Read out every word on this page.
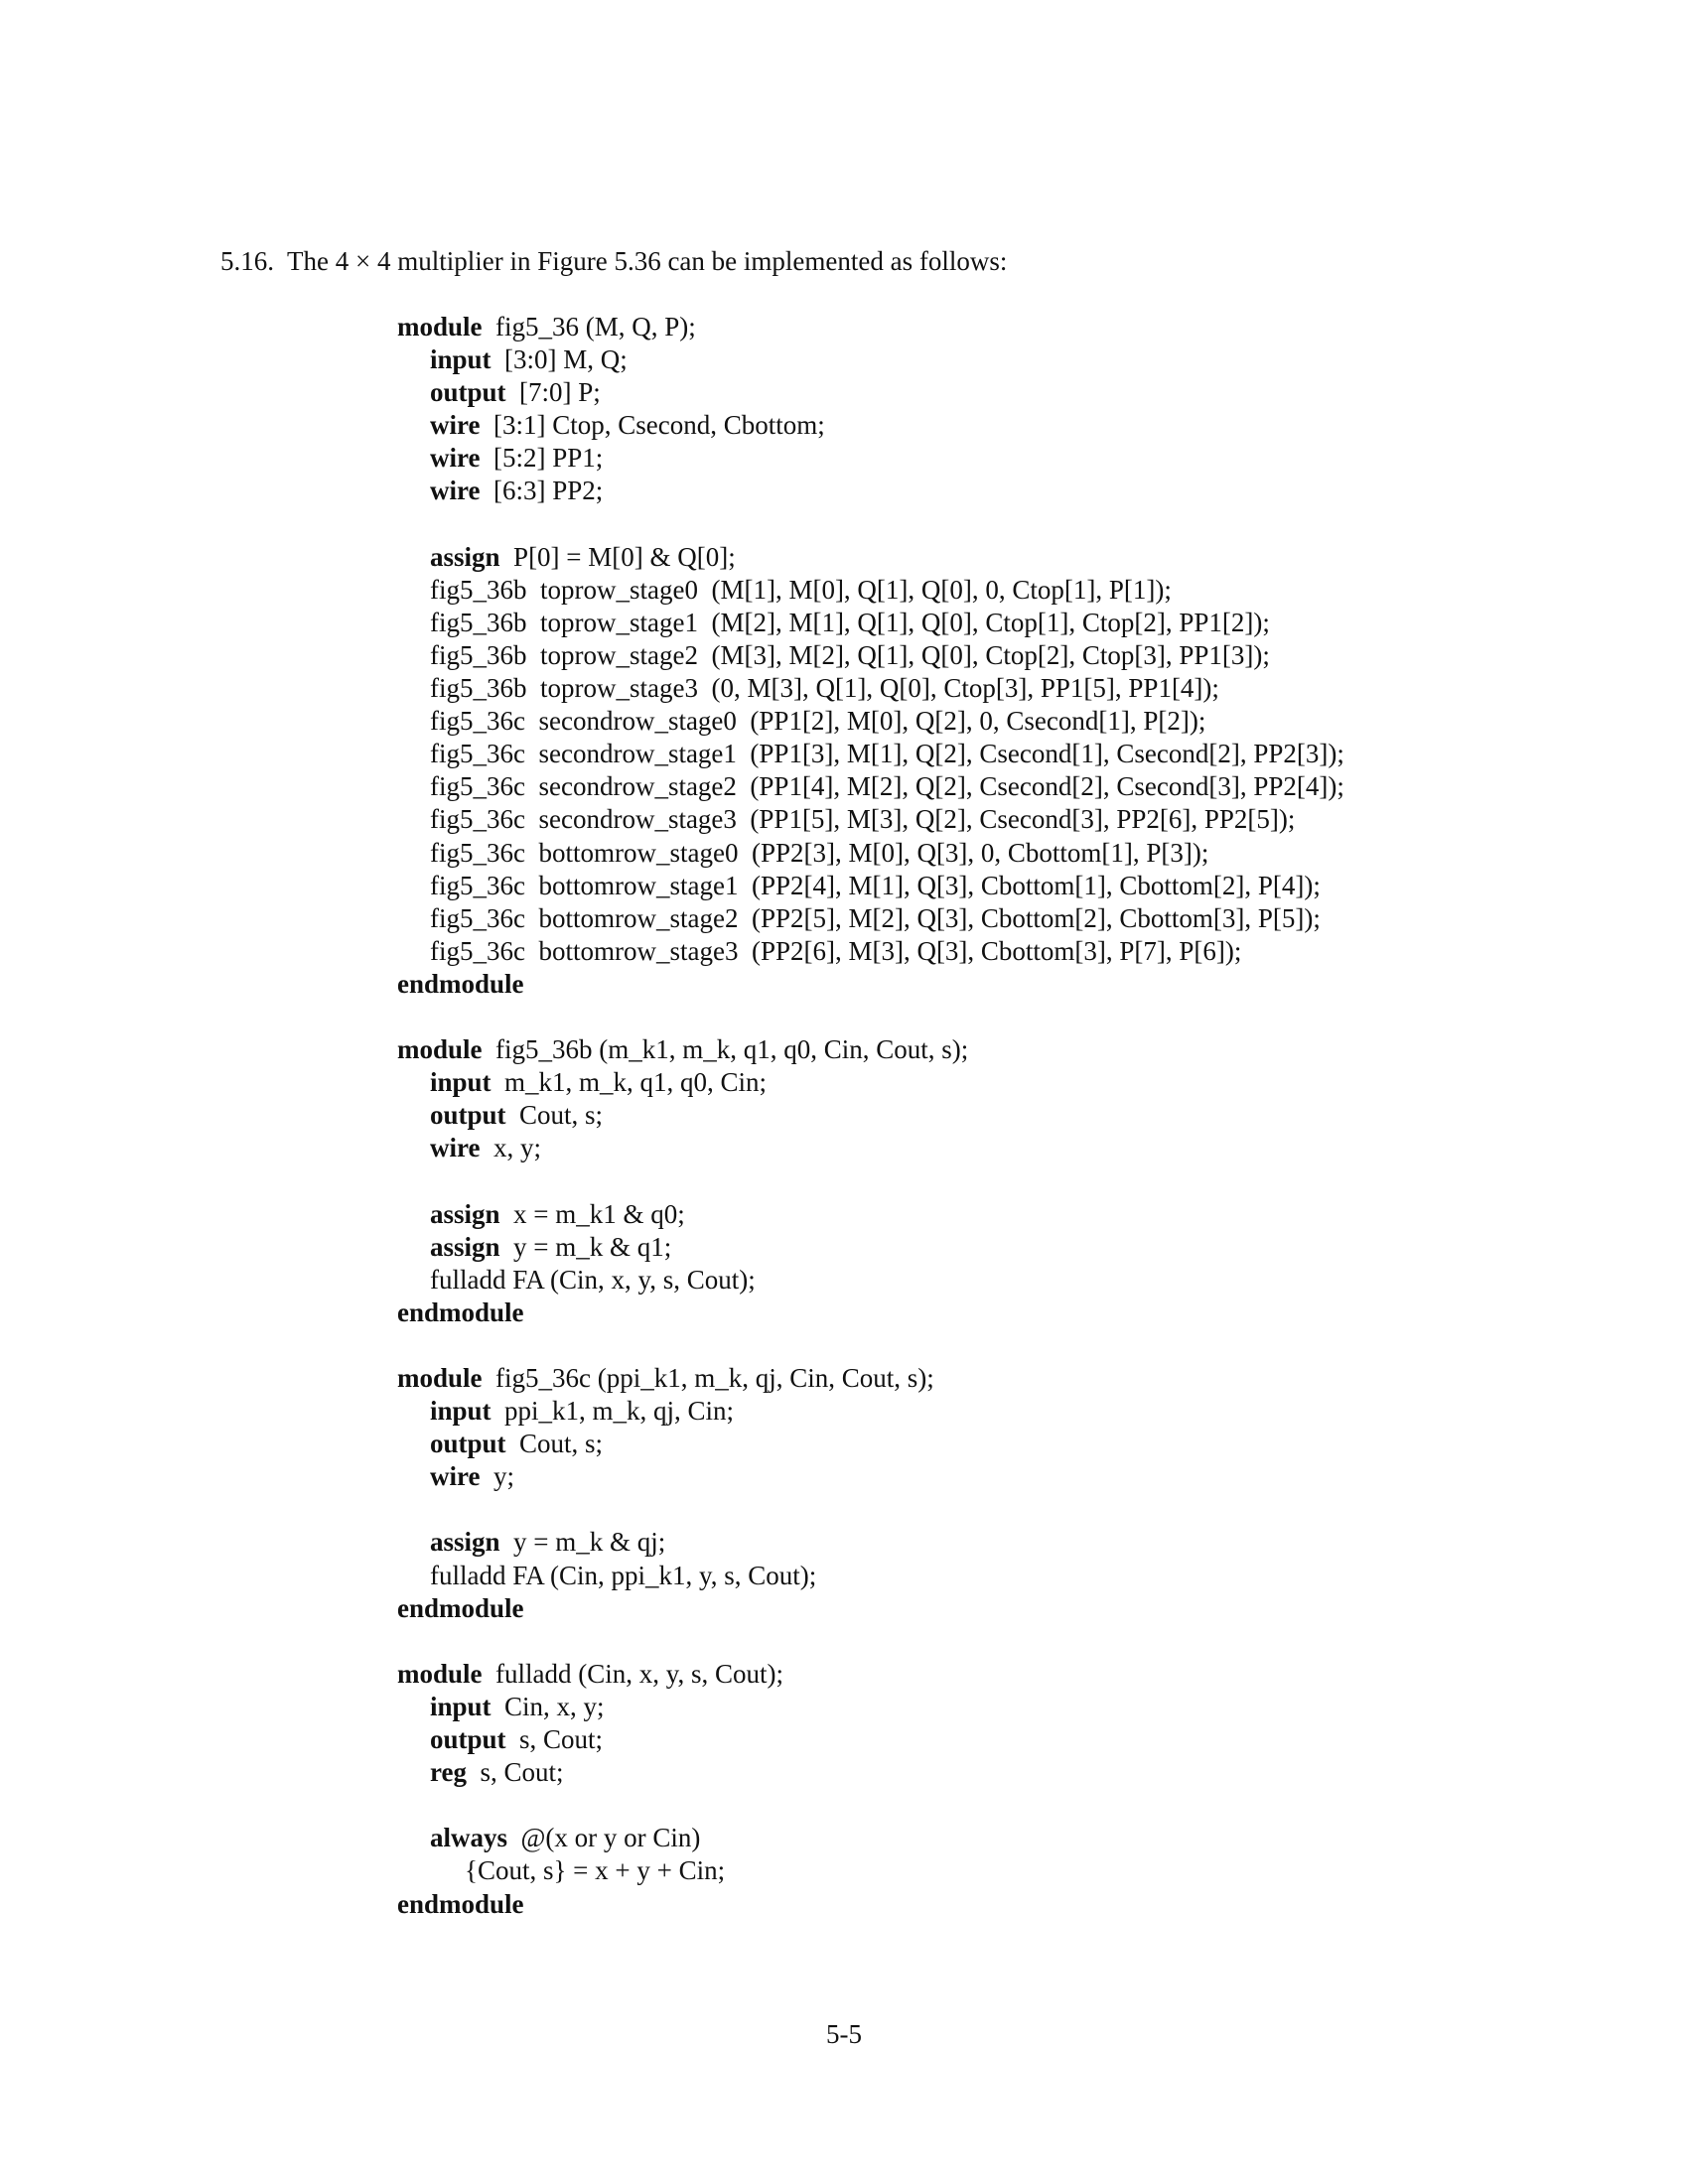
5.16. The 4 × 4 multiplier in Figure 5.36 can be implemented as follows:
module fig5_36 (M, Q, P);
input [3:0] M, Q;
output [7:0] P;
wire [3:1] Ctop, Csecond, Cbottom;
wire [5:2] PP1;
wire [6:3] PP2;
assign P[0] = M[0] & Q[0];
fig5_36b  toprow_stage0  (M[1], M[0], Q[1], Q[0], 0, Ctop[1], P[1]);
fig5_36b  toprow_stage1  (M[2], M[1], Q[1], Q[0], Ctop[1], Ctop[2], PP1[2]);
fig5_36b  toprow_stage2  (M[3], M[2], Q[1], Q[0], Ctop[2], Ctop[3], PP1[3]);
fig5_36b  toprow_stage3  (0, M[3], Q[1], Q[0], Ctop[3], PP1[5], PP1[4]);
fig5_36c  secondrow_stage0  (PP1[2], M[0], Q[2], 0, Csecond[1], P[2]);
fig5_36c  secondrow_stage1  (PP1[3], M[1], Q[2], Csecond[1], Csecond[2], PP2[3]);
fig5_36c  secondrow_stage2  (PP1[4], M[2], Q[2], Csecond[2], Csecond[3], PP2[4]);
fig5_36c  secondrow_stage3  (PP1[5], M[3], Q[2], Csecond[3], PP2[6], PP2[5]);
fig5_36c  bottomrow_stage0  (PP2[3], M[0], Q[3], 0, Cbottom[1], P[3]);
fig5_36c  bottomrow_stage1  (PP2[4], M[1], Q[3], Cbottom[1], Cbottom[2], P[4]);
fig5_36c  bottomrow_stage2  (PP2[5], M[2], Q[3], Cbottom[2], Cbottom[3], P[5]);
fig5_36c  bottomrow_stage3  (PP2[6], M[3], Q[3], Cbottom[3], P[7], P[6]);
endmodule
module fig5_36b (m_k1, m_k, q1, q0, Cin, Cout, s);
input m_k1, m_k, q1, q0, Cin;
output Cout, s;
wire x, y;
assign x = m_k1 & q0;
assign y = m_k & q1;
fulladd FA (Cin, x, y, s, Cout);
endmodule
module fig5_36c (ppi_k1, m_k, qj, Cin, Cout, s);
input ppi_k1, m_k, qj, Cin;
output Cout, s;
wire y;
assign y = m_k & qj;
fulladd FA (Cin, ppi_k1, y, s, Cout);
endmodule
module fulladd (Cin, x, y, s, Cout);
input Cin, x, y;
output s, Cout;
reg s, Cout;
always @(x or y or Cin)
{Cout, s} = x + y + Cin;
endmodule
5-5
